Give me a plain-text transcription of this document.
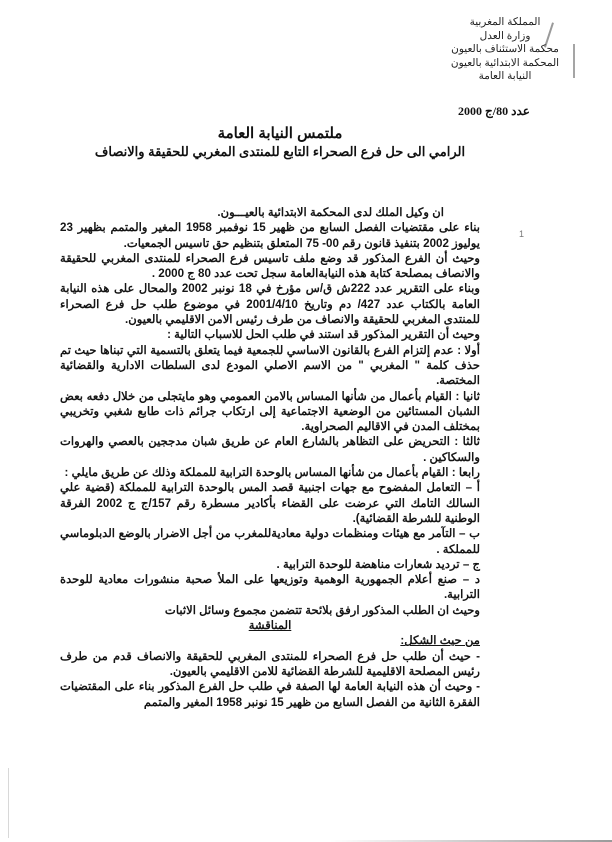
المملكة المغربية
وزارة العدل
محكمة الاستئناف بالعيون
المحكمة الابتدائية بالعيون
النيابة العامة
عدد 80/ج 2000
ملتمس النيابة العامة
الرامي الى حل فرع الصحراء التابع للمنتدى المغربي للحقيقة والانصاف
1

ان وكيل الملك لدى المحكمة الابتدائية بالعيـــون.

بناء على مقتضيات الفصل السابع من ظهير 15 نوفمبر 1958 المغير والمتمم بظهير 23 يوليوز 2002 بتنفيذ قانون رقم 00- 75 المتعلق بتنظيم حق تاسيس الجمعيات.

وحيث أن الفرع المذكور قد وضع ملف تاسيس فرع الصحراء للمنتدى المغربي للحقيقة والانصاف بمصلحة كتابة هذه النيابةالعامة سجل تحت عدد 80 ج 2000 .

وبناء على التقرير عدد 222ش ق/س مؤرخ في 18 نونبر 2002 والمحال على هذه النيابة العامة بالكتاب عدد 427/ دم وتاريخ 2001/4/10 في موضوع طلب حل فرع الصحراء للمنتدى المغربي للحقيقة والانصاف من طرف رئيس الامن الاقليمي بالعيون.

وحيث أن التقرير المذكور قد استند في طلب الحل للاسباب التالية :

أولا : عدم إلتزام الفرع بالقانون الاساسي للجمعية فيما يتعلق بالتسمية التي تبناها حيث تم حذف كلمة " المغربي " من الاسم الاصلي المودع لدى السلطات الادارية والقضائية المختصة.

ثانيا : القيام بأعمال من شأنها المساس بالامن العمومي وهو مايتجلى من خلال دفعه بعض الشبان المستائين من الوضعية الاجتماعية إلى ارتكاب جرائم ذات طابع شغبي وتخريبي بمختلف المدن في الاقاليم الصحراوية.

ثالثا : التحريض على التظاهر بالشارع العام عن طريق شبان مدججين بالعصي والهروات والسكاكين .

رابعا : القيام بأعمال من شأنها المساس بالوحدة الترابية للمملكة وذلك عن طريق مايلي :

أ – التعامل المفضوح مع جهات اجنبية قصد المس بالوحدة الترابية للمملكة (قضية علي السالك التامك التي عرضت على القضاء بأكادير مسطرة رقم 157/ج ج 2002 الفرقة الوطنية للشرطة القضائية).

ب – التآمر مع هيئات ومنظمات دولية معاديةللمغرب من أجل الاضرار بالوضع الدبلوماسي للمملكة .

ج – ترديد شعارات مناهضة للوحدة الترابية .

د – صنع أعلام الجمهورية الوهمية وتوزيعها على الملأ صحبة منشورات معادية للوحدة الترابية.

وحيث ان الطلب المذكور ارفق بلائحة تتضمن مجموع وسائل الاثبات

المناقشة

من حيث الشكل:

- حيث أن طلب حل فرع الصحراء للمنتدى المغربي للحقيقة والانصاف قدم من طرف رئيس المصلحة الاقليمية للشرطة القضائية للامن الاقليمي بالعيون.

- وحيث أن هذه النيابة العامة لها الصفة في طلب حل الفرع المذكور بناء على المقتضيات الفقرة الثانية من الفصل السابع من ظهير 15 نونبر 1958 المغير والمتمم
